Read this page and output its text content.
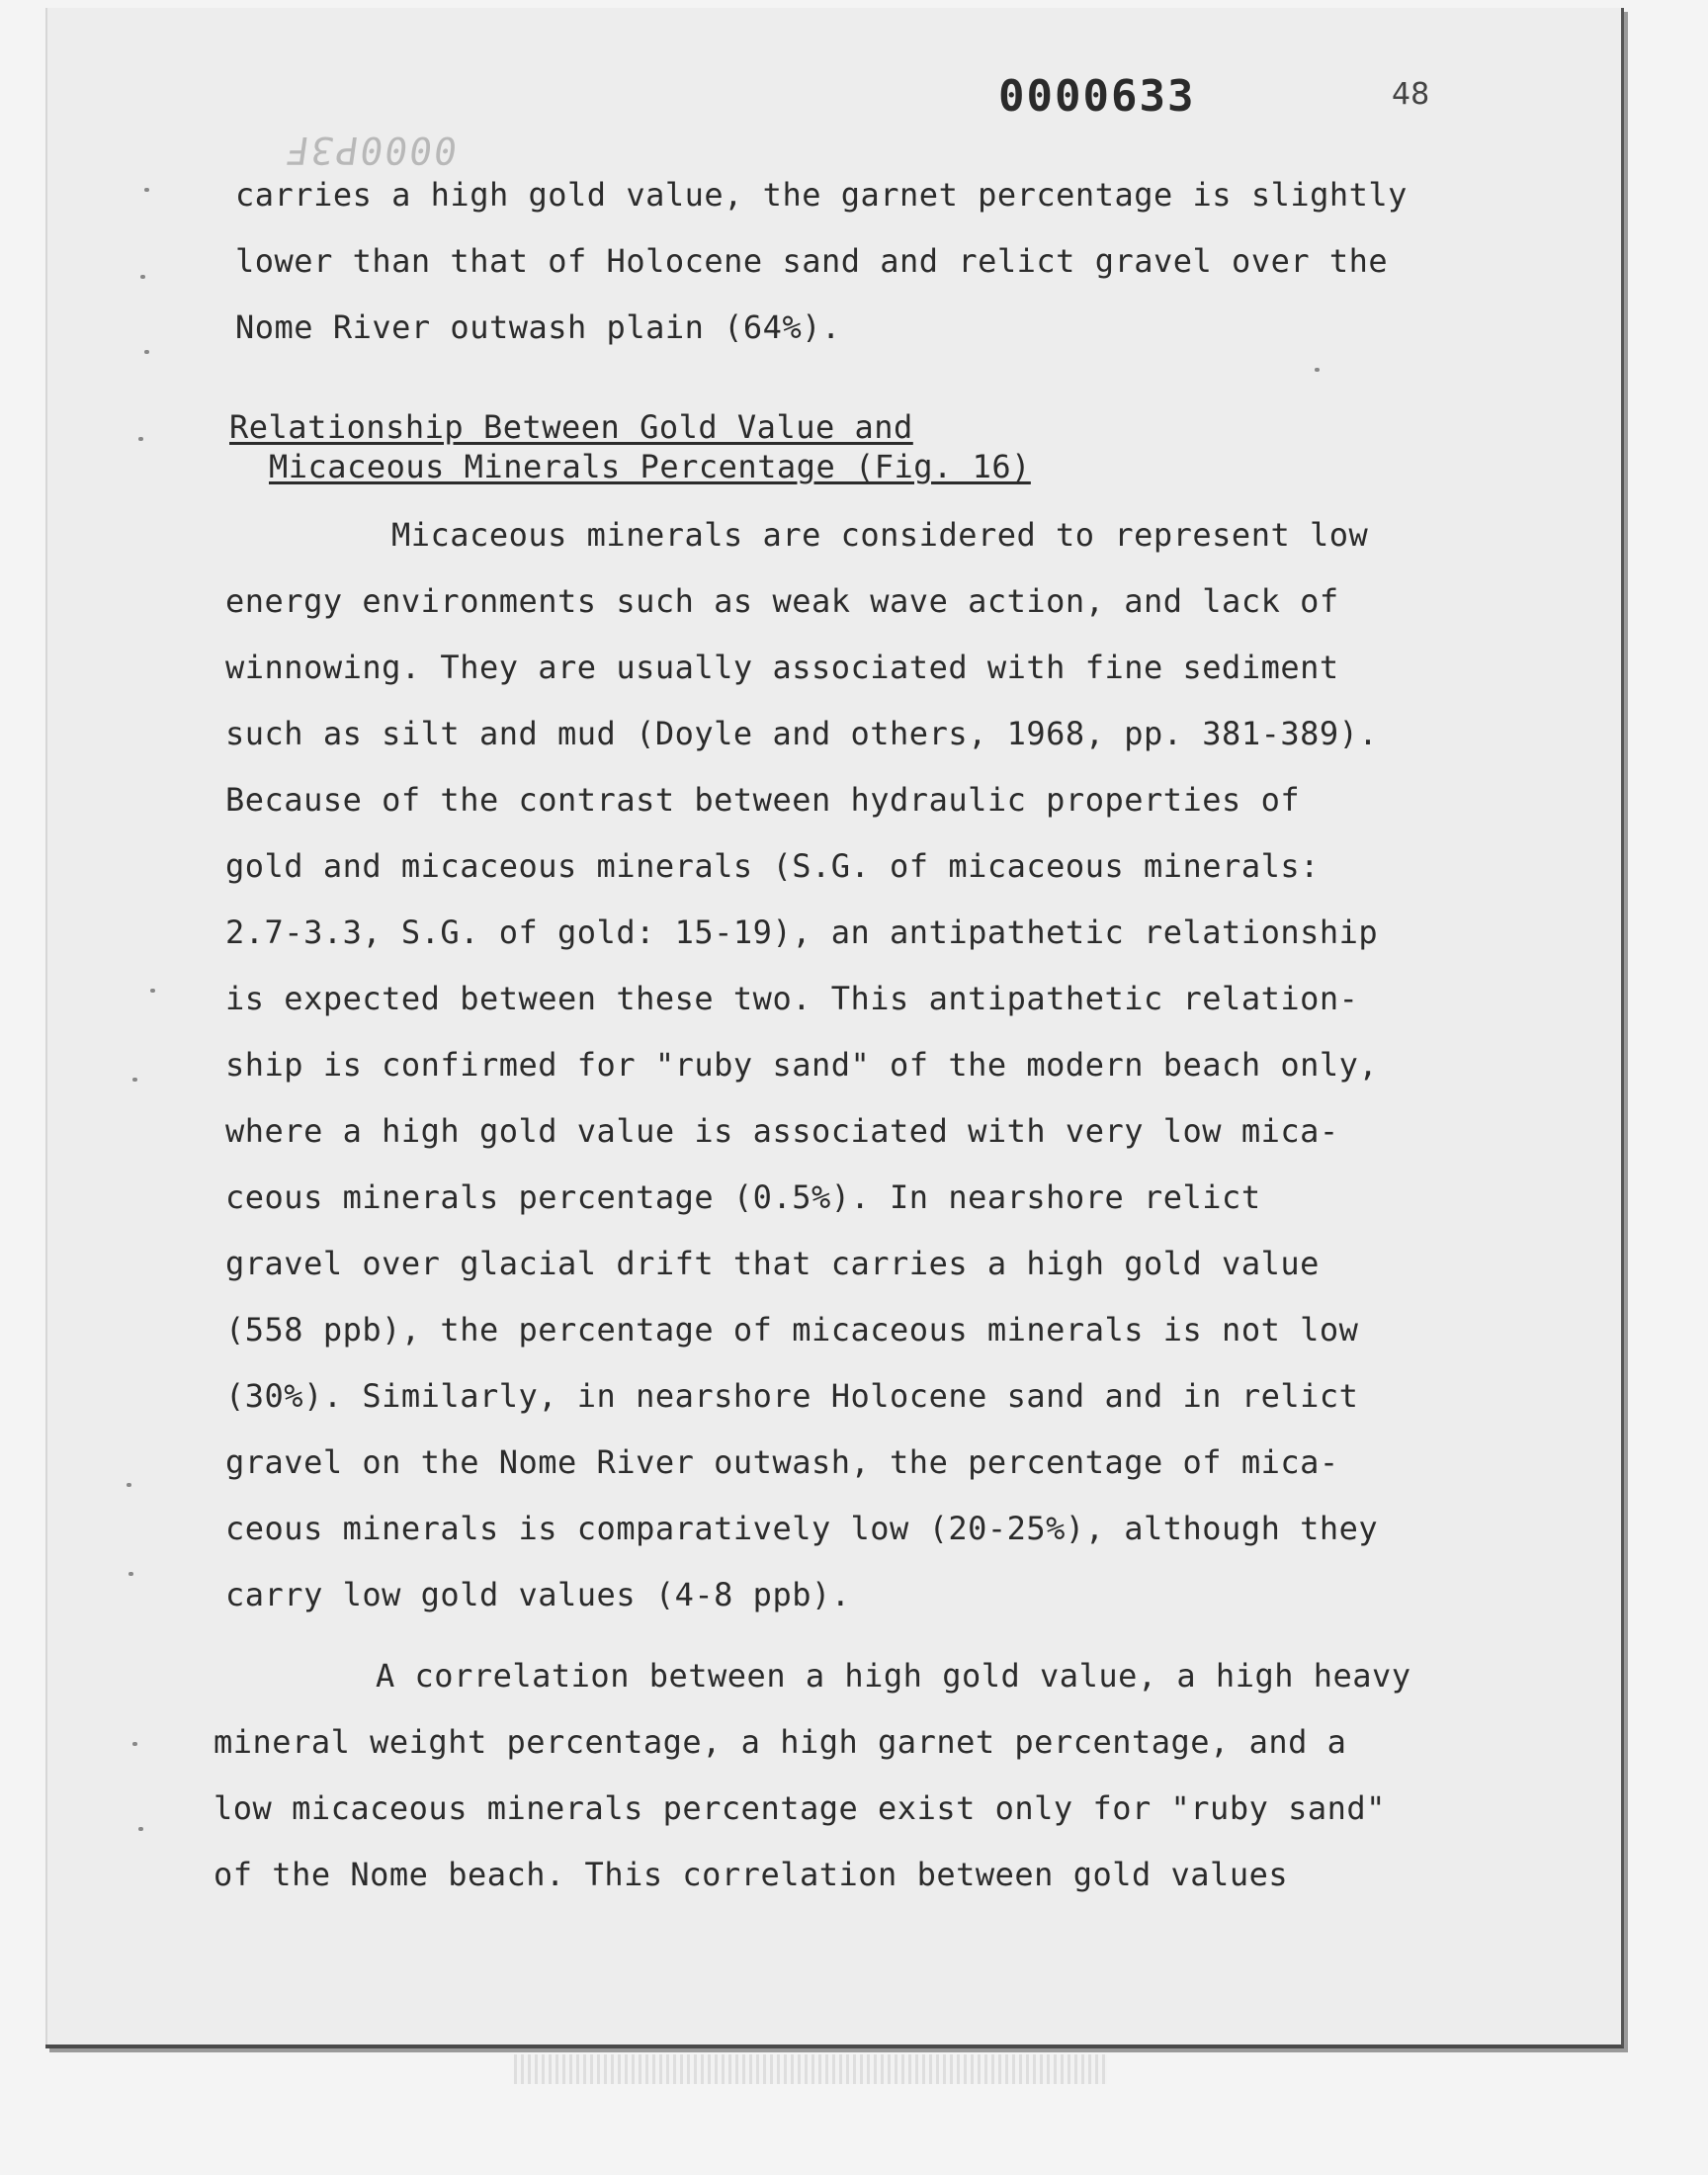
0000633	48
0000P3F
carries a high gold value, the garnet percentage is slightly
lower than that of Holocene sand and relict gravel over the
Nome River outwash plain (64%).
Relationship Between Gold Value and
Micaceous Minerals Percentage (Fig. 16)
Micaceous minerals are considered to represent low
energy environments such as weak wave action, and lack of
winnowing. They are usually associated with fine sediment
such as silt and mud (Doyle and others, 1968, pp. 381-389).
Because of the contrast between hydraulic properties of
gold and micaceous minerals (S.G. of micaceous minerals:
2.7-3.3, S.G. of gold: 15-19), an antipathetic relationship
is expected between these two. This antipathetic relation-
ship is confirmed for "ruby sand" of the modern beach only,
where a high gold value is associated with very low mica-
ceous minerals percentage (0.5%). In nearshore relict
gravel over glacial drift that carries a high gold value
(558 ppb), the percentage of micaceous minerals is not low
(30%). Similarly, in nearshore Holocene sand and in relict
gravel on the Nome River outwash, the percentage of mica-
ceous minerals is comparatively low (20-25%), although they
carry low gold values (4-8 ppb).
A correlation between a high gold value, a high heavy
mineral weight percentage, a high garnet percentage, and a
low micaceous minerals percentage exist only for "ruby sand"
of the Nome beach. This correlation between gold values
